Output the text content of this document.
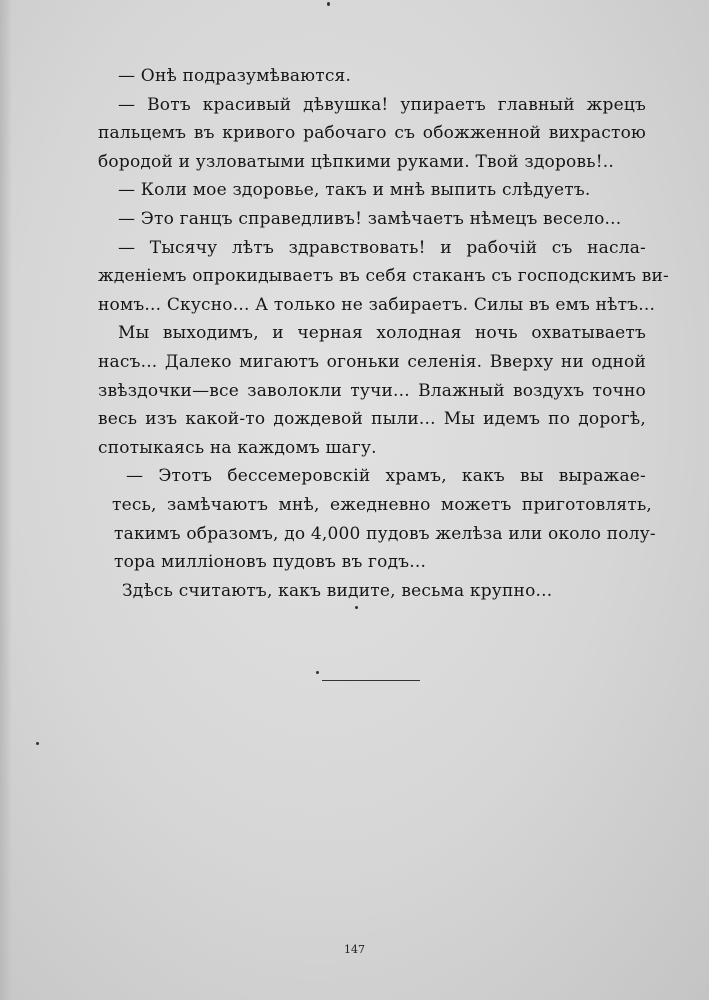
— Онѣ подразумѣваются.
— Вотъ красивый дѣвушка! упираетъ главный жрецъ
пальцемъ въ кривого рабочаго съ обожженной вихрастою
бородой и узловатыми цѣпкими руками. Твой здоровь!..
— Коли мое здоровье, такъ и мнѣ выпить слѣдуетъ.
— Это ганцъ справедливъ! замѣчаетъ нѣмецъ весело...
— Тысячу лѣтъ здравствовать! и рабочій съ насла-
жденіемъ опрокидываетъ въ себя стаканъ съ господскимъ ви-
номъ... Скусно... А только не забираетъ. Силы въ емъ нѣтъ...
Мы выходимъ, и черная холодная ночь охватываетъ
насъ... Далеко мигаютъ огоньки селенія. Вверху ни одной
звѣздочки—все заволокли тучи... Влажный воздухъ точно
весь изъ какой-то дождевой пыли... Мы идемъ по дорогѣ,
спотыкаясь на каждомъ шагу.
— Этотъ бессемеровскій храмъ, какъ вы выражае-
тесь, замѣчаютъ мнѣ, ежедневно можетъ приготовлять,
такимъ образомъ, до 4,000 пудовъ желѣза или около полу-
тора милліоновъ пудовъ въ годъ...
Здѣсь считаютъ, какъ видите, весьма крупно...
147
